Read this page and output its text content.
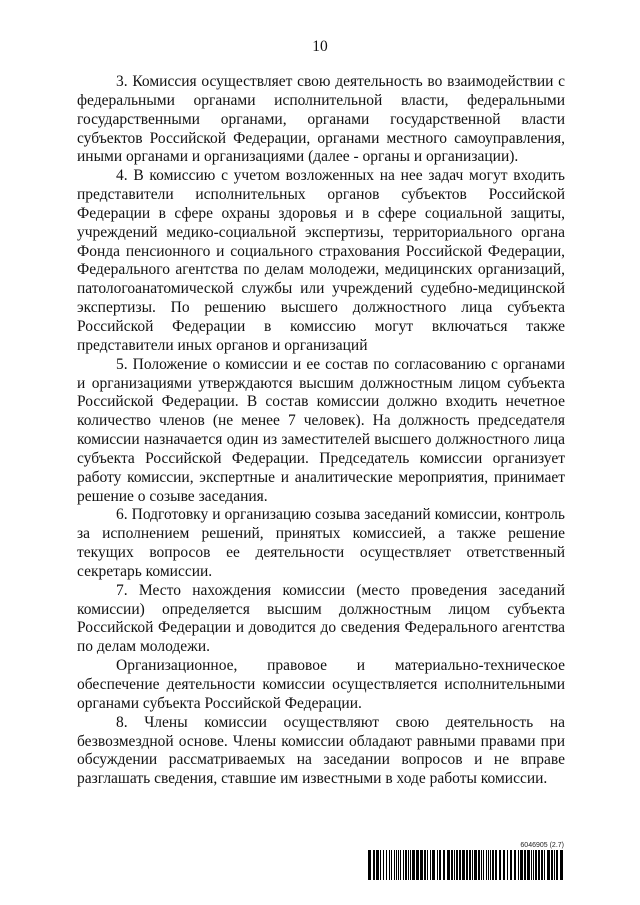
10

3. Комиссия осуществляет свою деятельность во взаимодействии с федеральными органами исполнительной власти, федеральными государственными органами, органами государственной власти субъектов Российской Федерации, органами местного самоуправления, иными органами и организациями (далее - органы и организации).

4. В комиссию с учетом возложенных на нее задач могут входить представители исполнительных органов субъектов Российской Федерации в сфере охраны здоровья и в сфере социальной защиты, учреждений медико-социальной экспертизы, территориального органа Фонда пенсионного и социального страхования Российской Федерации, Федерального агентства по делам молодежи, медицинских организаций, патологоанатомической службы или учреждений судебно-медицинской экспертизы. По решению высшего должностного лица субъекта Российской Федерации в комиссию могут включаться также представители иных органов и организаций

5. Положение о комиссии и ее состав по согласованию с органами и организациями утверждаются высшим должностным лицом субъекта Российской Федерации. В состав комиссии должно входить нечетное количество членов (не менее 7 человек). На должность председателя комиссии назначается один из заместителей высшего должностного лица субъекта Российской Федерации. Председатель комиссии организует работу комиссии, экспертные и аналитические мероприятия, принимает решение о созыве заседания.

6. Подготовку и организацию созыва заседаний комиссии, контроль за исполнением решений, принятых комиссией, а также решение текущих вопросов ее деятельности осуществляет ответственный секретарь комиссии.

7. Место нахождения комиссии (место проведения заседаний комиссии) определяется высшим должностным лицом субъекта Российской Федерации и доводится до сведения Федерального агентства по делам молодежи.

Организационное, правовое и материально-техническое обеспечение деятельности комиссии осуществляется исполнительными органами субъекта Российской Федерации.

8. Члены комиссии осуществляют свою деятельность на безвозмездной основе. Члены комиссии обладают равными правами при обсуждении рассматриваемых на заседании вопросов и не вправе разглашать сведения, ставшие им известными в ходе работы комиссии.

6046905 (2.7)
